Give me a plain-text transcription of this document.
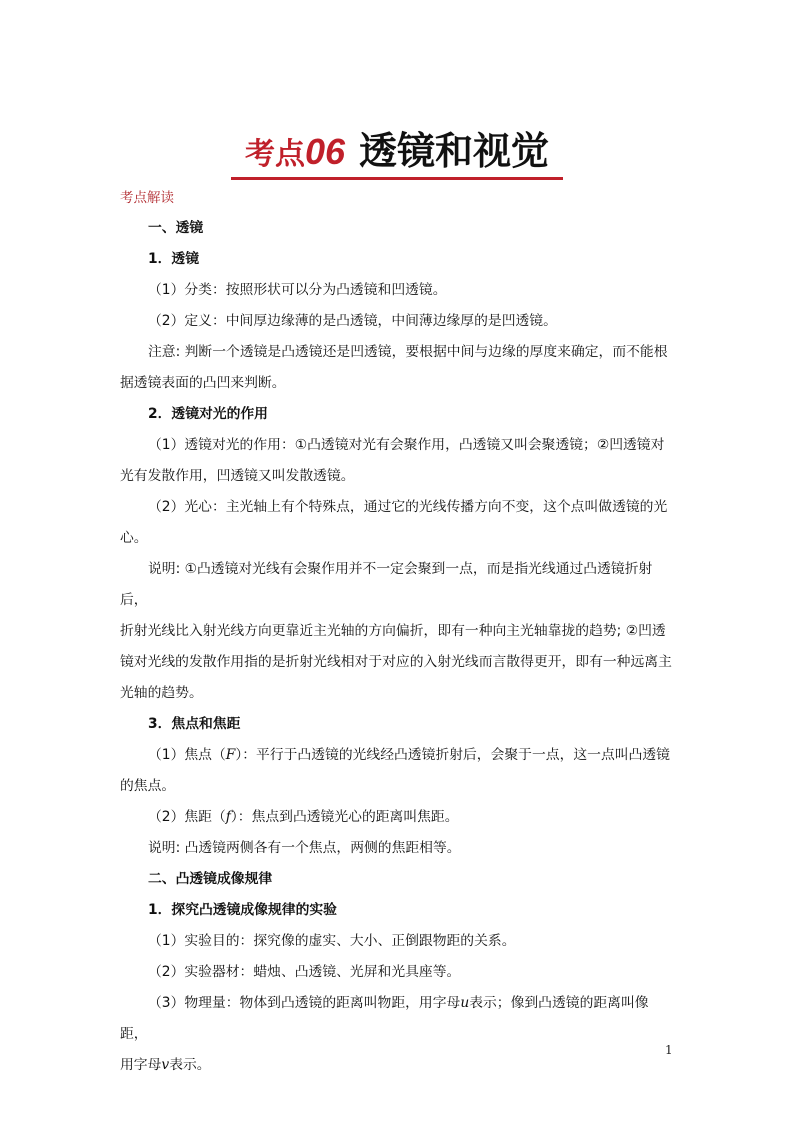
考点06 透镜和视觉
考点解读

一、透镜

1．透镜

（1）分类：按照形状可以分为凸透镜和凹透镜。

（2）定义：中间厚边缘薄的是凸透镜，中间薄边缘厚的是凹透镜。

注意: 判断一个透镜是凸透镜还是凹透镜，要根据中间与边缘的厚度来确定，而不能根

据透镜表面的凸凹来判断。

2．透镜对光的作用

（1）透镜对光的作用：①凸透镜对光有会聚作用，凸透镜又叫会聚透镜；②凹透镜对

光有发散作用，凹透镜又叫发散透镜。

（2）光心：主光轴上有个特殊点，通过它的光线传播方向不变，这个点叫做透镜的光

心。

说明: ①凸透镜对光线有会聚作用并不一定会聚到一点，而是指光线通过凸透镜折射后，

折射光线比入射光线方向更靠近主光轴的方向偏折，即有一种向主光轴靠拢的趋势; ②凹透

镜对光线的发散作用指的是折射光线相对于对应的入射光线而言散得更开，即有一种远离主

光轴的趋势。

3．焦点和焦距

（1）焦点（F）：平行于凸透镜的光线经凸透镜折射后，会聚于一点，这一点叫凸透镜

的焦点。

（2）焦距（f）：焦点到凸透镜光心的距离叫焦距。

说明: 凸透镜两侧各有一个焦点，两侧的焦距相等。

二、凸透镜成像规律

1．探究凸透镜成像规律的实验

（1）实验目的：探究像的虚实、大小、正倒跟物距的关系。

（2）实验器材：蜡烛、凸透镜、光屏和光具座等。

（3）物理量：物体到凸透镜的距离叫物距，用字母u表示；像到凸透镜的距离叫像距，

用字母v表示。

1
